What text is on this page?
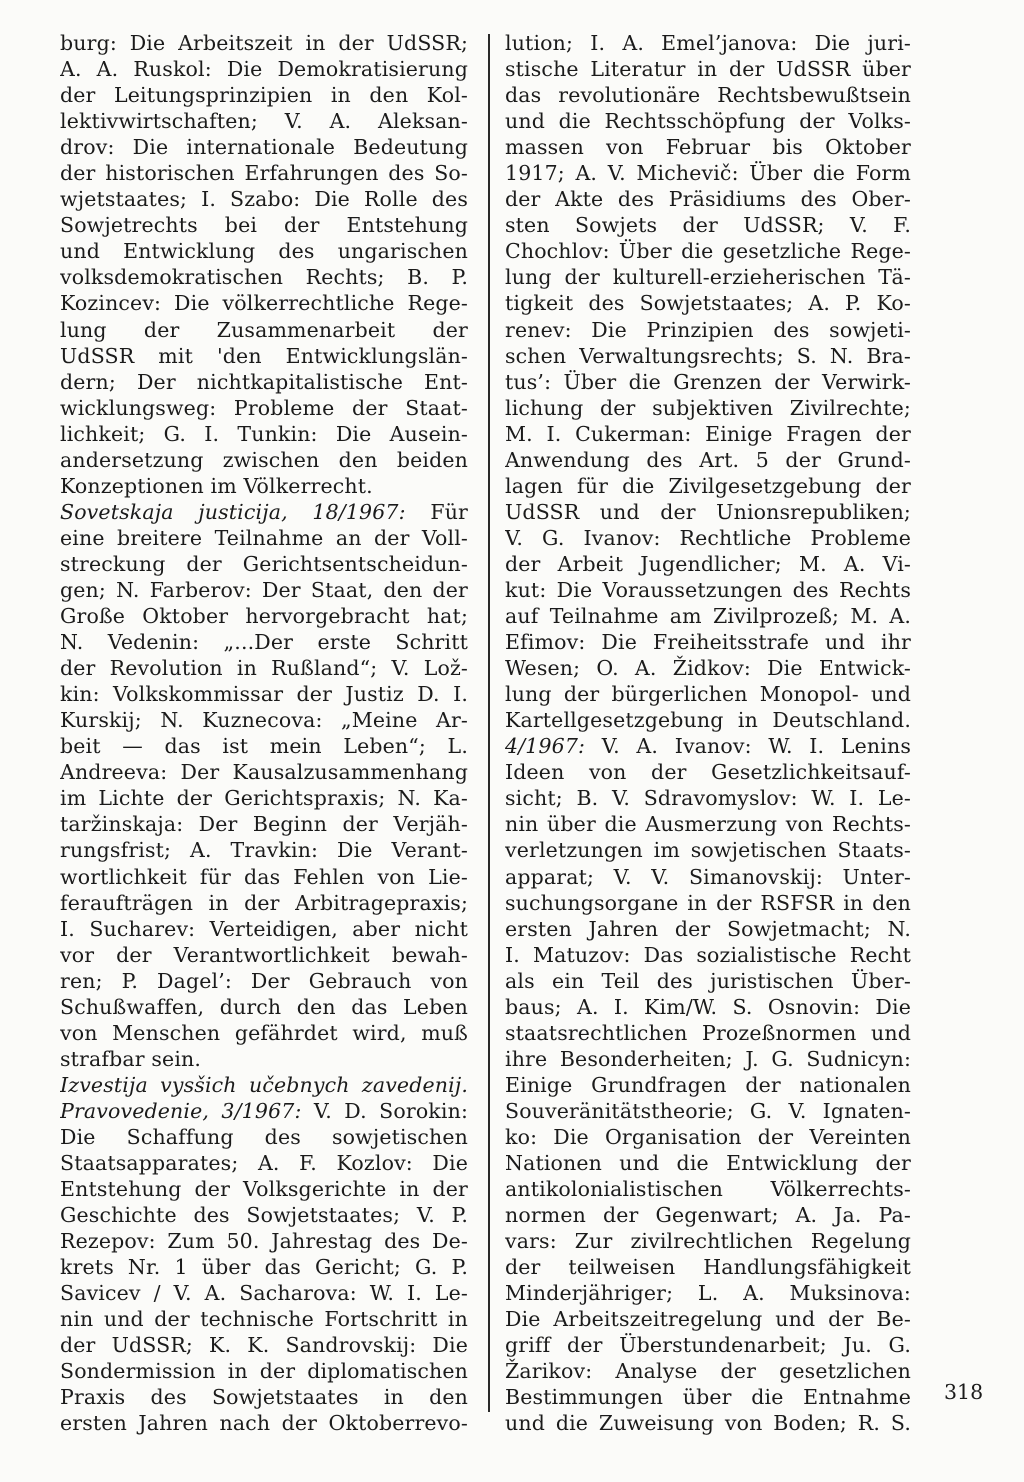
burg: Die Arbeitszeit in der UdSSR;
A. A. Ruskol: Die Demokratisierung
der Leitungsprinzipien in den Kol-
lektivwirtschaften; V. A. Aleksan-
drov: Die internationale Bedeutung
der historischen Erfahrungen des So-
wjetstaates; I. Szabo: Die Rolle des
Sowjetrechts bei der Entstehung
und Entwicklung des ungarischen
volksdemokratischen Rechts; B. P.
Kozincev: Die völkerrechtliche Rege-
lung der Zusammenarbeit der
UdSSR mit 'den Entwicklungslän-
dern; Der nichtkapitalistische Ent-
wicklungsweg: Probleme der Staat-
lichkeit; G. I. Tunkin: Die Ausein-
andersetzung zwischen den beiden
Konzeptionen im Völkerrecht.
Sovetskaja justicija, 18/1967: Für
eine breitere Teilnahme an der Voll-
streckung der Gerichtsentscheidun-
gen; N. Farberov: Der Staat, den der
Große Oktober hervorgebracht hat;
N. Vedenin: „...Der erste Schritt
der Revolution in Rußland“; V. Lož-
kin: Volkskommissar der Justiz D. I.
Kurskij; N. Kuznecova: „Meine Ar-
beit — das ist mein Leben“; L.
Andreeva: Der Kausalzusammenhang
im Lichte der Gerichtspraxis; N. Ka-
taržinskaja: Der Beginn der Verjäh-
rungsfrist; A. Travkin: Die Verant-
wortlichkeit für das Fehlen von Lie-
feraufträgen in der Arbitragepraxis;
I. Sucharev: Verteidigen, aber nicht
vor der Verantwortlichkeit bewah-
ren; P. Dagel’: Der Gebrauch von
Schußwaffen, durch den das Leben
von Menschen gefährdet wird, muß
strafbar sein.
Izvestija vysšich učebnych zavedenij.
Pravovedenie, 3/1967: V. D. Sorokin:
Die Schaffung des sowjetischen
Staatsapparates; A. F. Kozlov: Die
Entstehung der Volksgerichte in der
Geschichte des Sowjetstaates; V. P.
Rezepov: Zum 50. Jahrestag des De-
krets Nr. 1 über das Gericht; G. P.
Savicev / V. A. Sacharova: W. I. Le-
nin und der technische Fortschritt in
der UdSSR; K. K. Sandrovskij: Die
Sondermission in der diplomatischen
Praxis des Sowjetstaates in den
ersten Jahren nach der Oktoberrevo-
lution; I. A. Emel’janova: Die juri-
stische Literatur in der UdSSR über
das revolutionäre Rechtsbewußtsein
und die Rechtsschöpfung der Volks-
massen von Februar bis Oktober
1917; A. V. Michevič: Über die Form
der Akte des Präsidiums des Ober-
sten Sowjets der UdSSR; V. F.
Chochlov: Über die gesetzliche Rege-
lung der kulturell-erzieherischen Tä-
tigkeit des Sowjetstaates; A. P. Ko-
renev: Die Prinzipien des sowjeti-
schen Verwaltungsrechts; S. N. Bra-
tus’: Über die Grenzen der Verwirk-
lichung der subjektiven Zivilrechte;
M. I. Cukerman: Einige Fragen der
Anwendung des Art. 5 der Grund-
lagen für die Zivilgesetzgebung der
UdSSR und der Unionsrepubliken;
V. G. Ivanov: Rechtliche Probleme
der Arbeit Jugendlicher; M. A. Vi-
kut: Die Voraussetzungen des Rechts
auf Teilnahme am Zivilprozeß; M. A.
Efimov: Die Freiheitsstrafe und ihr
Wesen; O. A. Židkov: Die Entwick-
lung der bürgerlichen Monopol- und
Kartellgesetzgebung in Deutschland.
4/1967: V. A. Ivanov: W. I. Lenins
Ideen von der Gesetzlichkeitsauf-
sicht; B. V. Sdravomyslov: W. I. Le-
nin über die Ausmerzung von Rechts-
verletzungen im sowjetischen Staats-
apparat; V. V. Simanovskij: Unter-
suchungsorgane in der RSFSR in den
ersten Jahren der Sowjetmacht; N.
I. Matuzov: Das sozialistische Recht
als ein Teil des juristischen Über-
baus; A. I. Kim/W. S. Osnovin: Die
staatsrechtlichen Prozeßnormen und
ihre Besonderheiten; J. G. Sudnicyn:
Einige Grundfragen der nationalen
Souveränitätstheorie; G. V. Ignaten-
ko: Die Organisation der Vereinten
Nationen und die Entwicklung der
antikolonialistischen Völkerrechts-
normen der Gegenwart; A. Ja. Pa-
vars: Zur zivilrechtlichen Regelung
der teilweisen Handlungsfähigkeit
Minderjähriger; L. A. Muksinova:
Die Arbeitszeitregelung und der Be-
griff der Überstundenarbeit; Ju. G.
Žarikov: Analyse der gesetzlichen
Bestimmungen über die Entnahme
und die Zuweisung von Boden; R. S.
318
